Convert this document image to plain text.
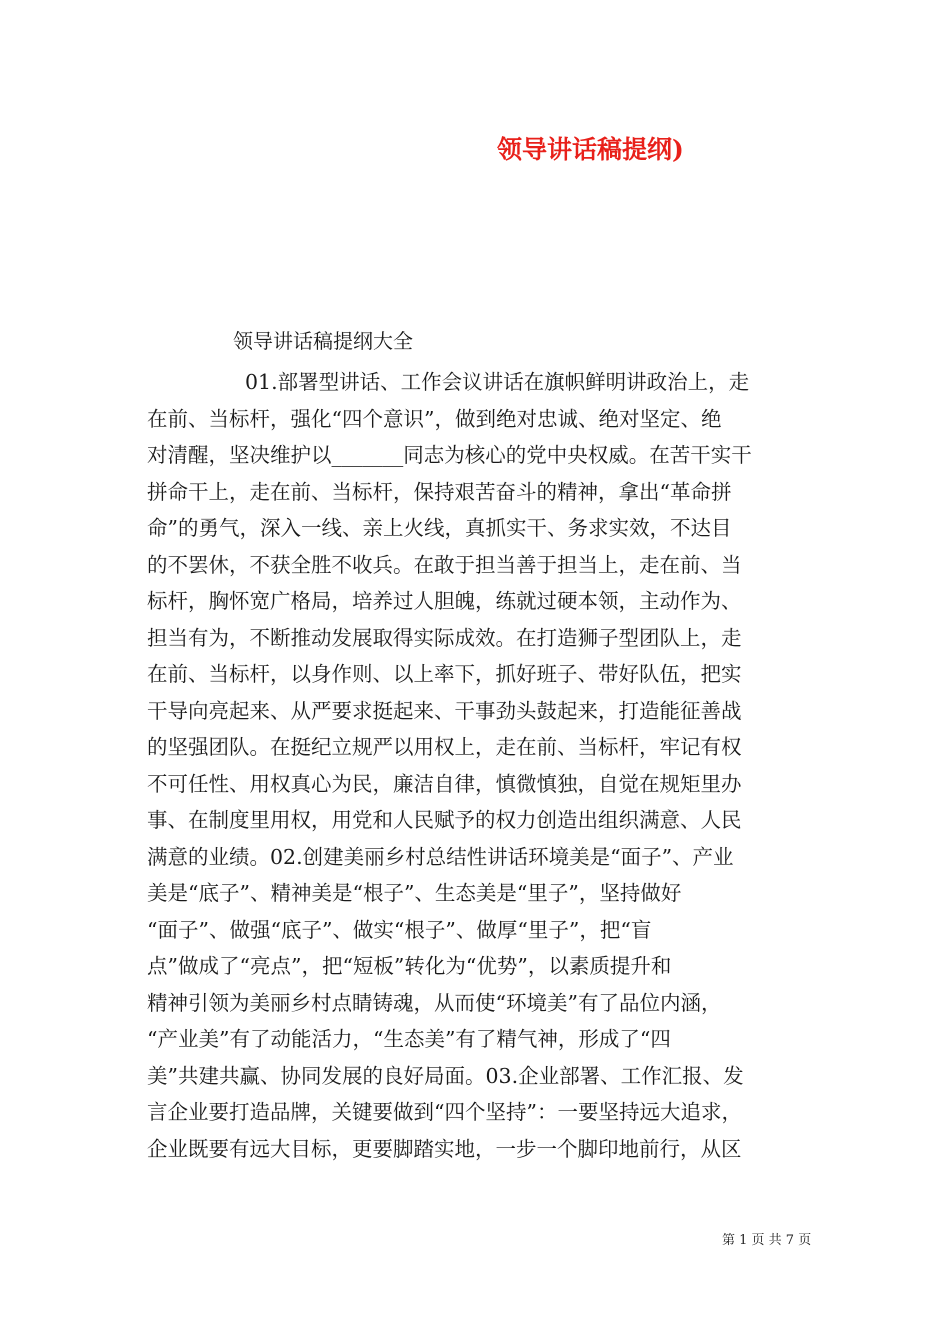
领导讲话稿提纲)
领导讲话稿提纲大全
01.部署型讲话、工作会议讲话在旗帜鲜明讲政治上，走
在前、当标杆，强化“四个意识”，做到绝对忠诚、绝对坚定、绝
对清醒，坚决维护以_______同志为核心的党中央权威。在苦干实干
拼命干上，走在前、当标杆，保持艰苦奋斗的精神，拿出“革命拼
命”的勇气，深入一线、亲上火线，真抓实干、务求实效，不达目
的不罢休，不获全胜不收兵。在敢于担当善于担当上，走在前、当
标杆，胸怀宽广格局，培养过人胆魄，练就过硬本领，主动作为、
担当有为，不断推动发展取得实际成效。在打造狮子型团队上，走
在前、当标杆，以身作则、以上率下，抓好班子、带好队伍，把实
干导向亮起来、从严要求挺起来、干事劲头鼓起来，打造能征善战
的坚强团队。在挺纪立规严以用权上，走在前、当标杆，牢记有权
不可任性、用权真心为民，廉洁自律，慎微慎独，自觉在规矩里办
事、在制度里用权，用党和人民赋予的权力创造出组织满意、人民
满意的业绩。02.创建美丽乡村总结性讲话环境美是“面子”、产业
美是“底子”、精神美是“根子”、生态美是“里子”，坚持做好
“面子”、做强“底子”、做实“根子”、做厚“里子”，把“盲
点”做成了“亮点”，把“短板”转化为“优势”，以素质提升和
精神引领为美丽乡村点睛铸魂，从而使“环境美”有了品位内涵，
“产业美”有了动能活力，“生态美”有了精气神，形成了“四
美”共建共赢、协同发展的良好局面。03.企业部署、工作汇报、发
言企业要打造品牌，关键要做到“四个坚持”：一要坚持远大追求，
企业既要有远大目标，更要脚踏实地，一步一个脚印地前行，从区
第 1 页 共 7 页
